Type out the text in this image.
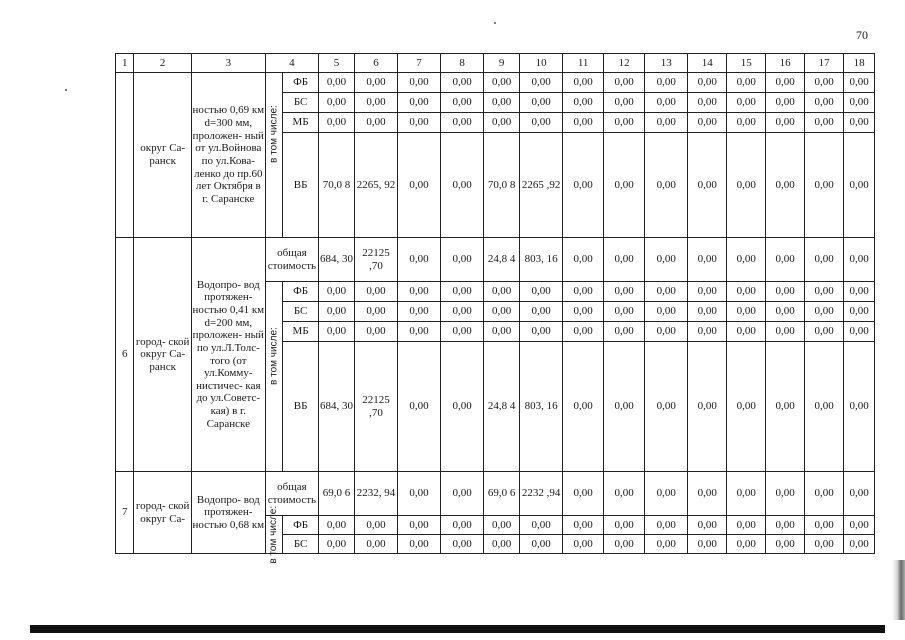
70
1	2	3	4		5	6	7	8	9	10	11	12	13	14	15	16	17	18
	округ Са- ранск	ностью 0,69 км d=300 мм, проложен- ный от ул.Войнова по ул.Кова- ленко до пр.60 лет Октября в г. Саранске	в том числе:	ФБ	0,00	0,00	0,00	0,00	0,00	0,00	0,00	0,00	0,00	0,00	0,00	0,00	0,00	0,00
				БС	0,00	0,00	0,00	0,00	0,00	0,00	0,00	0,00	0,00	0,00	0,00	0,00	0,00	0,00
				МБ	0,00	0,00	0,00	0,00	0,00	0,00	0,00	0,00	0,00	0,00	0,00	0,00	0,00	0,00
				ВБ	70,0 8	2265, 92	0,00	0,00	70,0 8	2265 ,92	0,00	0,00	0,00	0,00	0,00	0,00	0,00	0,00
6	город- ской округ Са- ранск	Водопро- вод протяжен- ностью 0,41 км d=200 мм, проложен- ный по ул.Л.Толс- того (от ул.Комму- нистичес- кая до ул.Советс- кая) в г. Саранске	общая стоимость		684, 30	22125 ,70	0,00	0,00	24,8 4	803, 16	0,00	0,00	0,00	0,00	0,00	0,00	0,00	0,00

			в том числе:	ФБ	0,00	0,00	0,00	0,00	0,00	0,00	0,00	0,00	0,00	0,00	0,00	0,00	0,00	0,00
				БС	0,00	0,00	0,00	0,00	0,00	0,00	0,00	0,00	0,00	0,00	0,00	0,00	0,00	0,00
				МБ	0,00	0,00	0,00	0,00	0,00	0,00	0,00	0,00	0,00	0,00	0,00	0,00	0,00	0,00
				ВБ	684, 30	22125 ,70	0,00	0,00	24,8 4	803, 16	0,00	0,00	0,00	0,00	0,00	0,00	0,00	0,00
7	город- ской округ Са-	Водопро- вод протяжен- ностью 0,68 км	общая стоимость		69,0 6	2232, 94	0,00	0,00	69,0 6	2232 ,94	0,00	0,00	0,00	0,00	0,00	0,00	0,00	0,00

			в том числе:	ФБ	0,00	0,00	0,00	0,00	0,00	0,00	0,00	0,00	0,00	0,00	0,00	0,00	0,00	0,00
				БС	0,00	0,00	0,00	0,00	0,00	0,00	0,00	0,00	0,00	0,00	0,00	0,00	0,00	0,00
